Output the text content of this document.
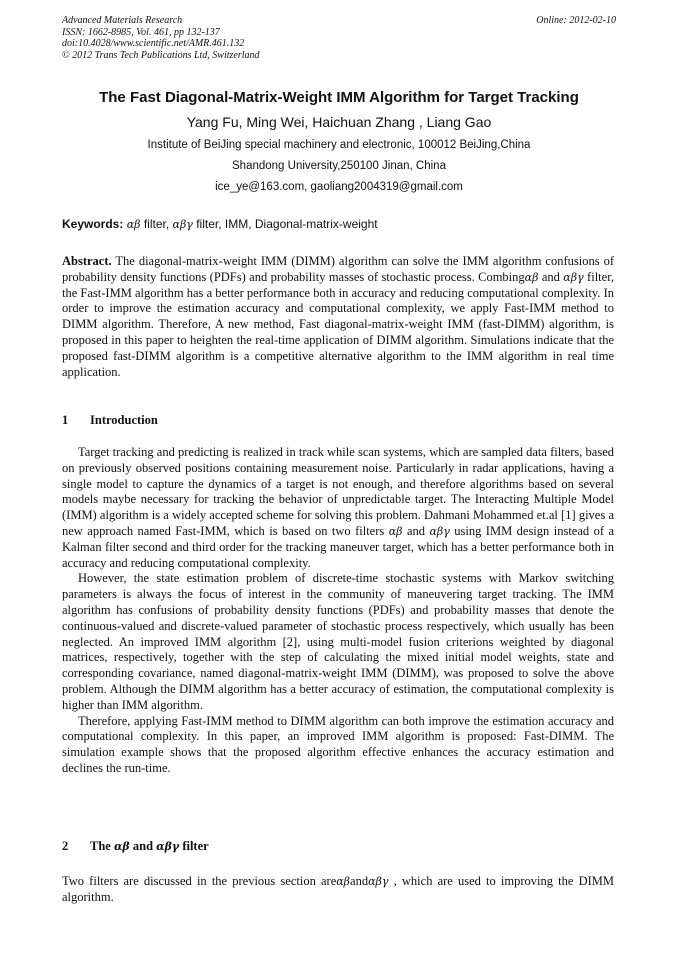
Advanced Materials Research
ISSN: 1662-8985, Vol. 461, pp 132-137
doi:10.4028/www.scientific.net/AMR.461.132
© 2012 Trans Tech Publications Ltd, Switzerland
Online: 2012-02-10
The Fast Diagonal-Matrix-Weight IMM Algorithm for Target Tracking
Yang Fu, Ming Wei, Haichuan Zhang , Liang Gao
Institute of BeiJing special machinery and electronic, 100012 BeiJing,China
Shandong University,250100 Jinan, China
ice_ye@163.com, gaoliang2004319@gmail.com
Keywords: αβ filter, αβγ filter, IMM, Diagonal-matrix-weight

Abstract. The diagonal-matrix-weight IMM (DIMM) algorithm can solve the IMM algorithm confusions of probability density functions (PDFs) and probability masses of stochastic process. Combingαβ and αβγ filter, the Fast-IMM algorithm has a better performance both in accuracy and reducing computational complexity. In order to improve the estimation accuracy and computational complexity, we apply Fast-IMM method to DIMM algorithm. Therefore, A new method, Fast diagonal-matrix-weight IMM (fast-DIMM) algorithm, is proposed in this paper to heighten the real-time application of DIMM algorithm. Simulations indicate that the proposed fast-DIMM algorithm is a competitive alternative algorithm to the IMM algorithm in real time application.

1 Introduction

Target tracking and predicting is realized in track while scan systems, which are sampled data filters, based on previously observed positions containing measurement noise. Particularly in radar applications, having a single model to capture the dynamics of a target is not enough, and therefore algorithms based on several models maybe necessary for tracking the behavior of unpredictable target. The Interacting Multiple Model (IMM) algorithm is a widely accepted scheme for solving this problem. Dahmani Mohammed et.al [1] gives a new approach named Fast-IMM, which is based on two filters αβ and αβγ using IMM design instead of a Kalman filter second and third order for the tracking maneuver target, which has a better performance both in accuracy and reducing computational complexity.

However, the state estimation problem of discrete-time stochastic systems with Markov switching parameters is always the focus of interest in the community of maneuvering target tracking. The IMM algorithm has confusions of probability density functions (PDFs) and probability masses that denote the continuous-valued and discrete-valued parameter of stochastic process respectively, which usually has been neglected. An improved IMM algorithm [2], using multi-model fusion criterions weighted by diagonal matrices, respectively, together with the step of calculating the mixed initial model weights, state and corresponding covariance, named diagonal-matrix-weight IMM (DIMM), was proposed to solve the above problem. Although the DIMM algorithm has a better accuracy of estimation, the computational complexity is higher than IMM algorithm.

Therefore, applying Fast-IMM method to DIMM algorithm can both improve the estimation accuracy and computational complexity. In this paper, an improved IMM algorithm is proposed: Fast-DIMM. The simulation example shows that the proposed algorithm effective enhances the accuracy estimation and declines the run-time.

2 The αβ and αβγ filter

Two filters are discussed in the previous section areαβandαβγ , which are used to improving the DIMM algorithm.
